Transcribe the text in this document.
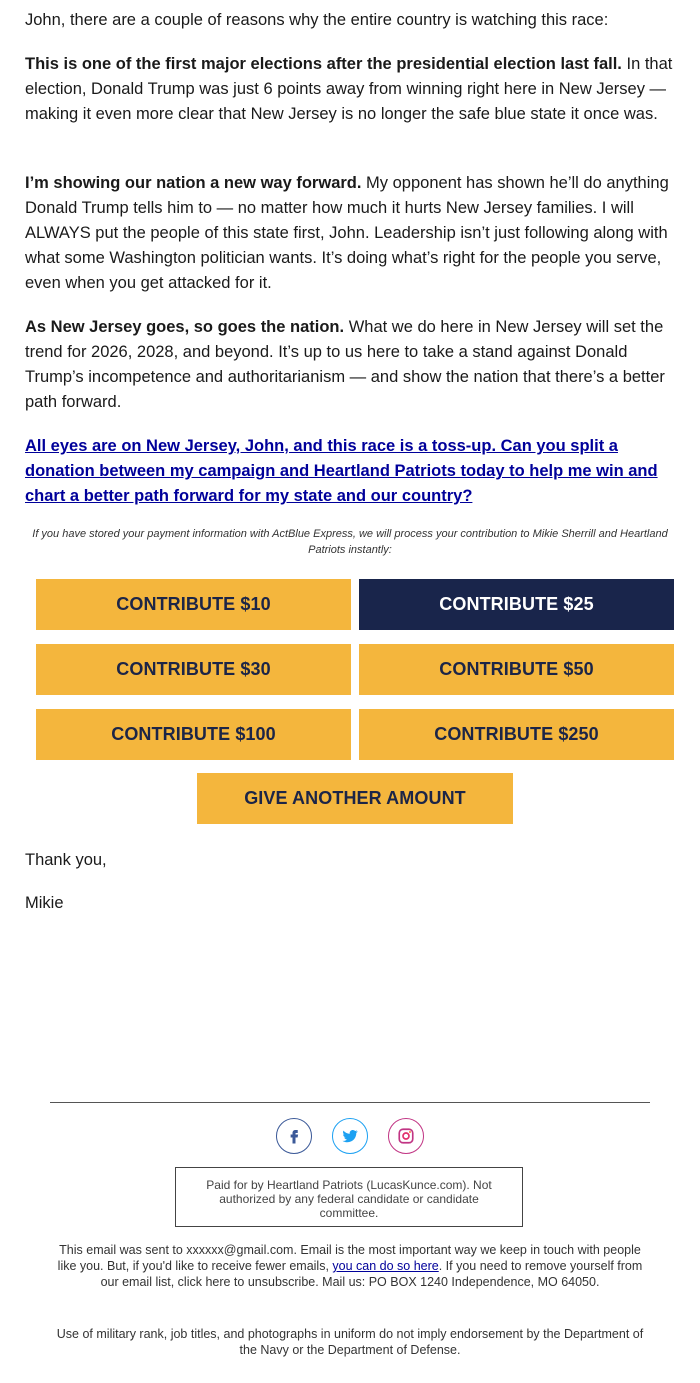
John, there are a couple of reasons why the entire country is watching this race:

This is one of the first major elections after the presidential election last fall. In that election, Donald Trump was just 6 points away from winning right here in New Jersey — making it even more clear that New Jersey is no longer the safe blue state it once was.

I’m showing our nation a new way forward. My opponent has shown he’ll do anything Donald Trump tells him to — no matter how much it hurts New Jersey families. I will ALWAYS put the people of this state first, John. Leadership isn’t just following along with what some Washington politician wants. It’s doing what’s right for the people you serve, even when you get attacked for it.

As New Jersey goes, so goes the nation. What we do here in New Jersey will set the trend for 2026, 2028, and beyond. It’s up to us here to take a stand against Donald Trump’s incompetence and authoritarianism — and show the nation that there’s a better path forward.

All eyes are on New Jersey, John, and this race is a toss-up. Can you split a donation between my campaign and Heartland Patriots today to help me win and chart a better path forward for my state and our country?

If you have stored your payment information with ActBlue Express, we will process your contribution to Mikie Sherrill and Heartland Patriots instantly:
CONTRIBUTE $10	CONTRIBUTE $25
CONTRIBUTE $30	CONTRIBUTE $50
CONTRIBUTE $100	CONTRIBUTE $250
GIVE ANOTHER AMOUNT
Thank you,
Mikie
Paid for by Heartland Patriots (LucasKunce.com). Not authorized by any federal candidate or candidate committee.
This email was sent to xxxxxx@gmail.com. Email is the most important way we keep in touch with people like you. But, if you'd like to receive fewer emails, you can do so here. If you need to remove yourself from our email list, click here to unsubscribe. Mail us: PO BOX 1240 Independence, MO 64050.
Use of military rank, job titles, and photographs in uniform do not imply endorsement by the Department of the Navy or the Department of Defense.
